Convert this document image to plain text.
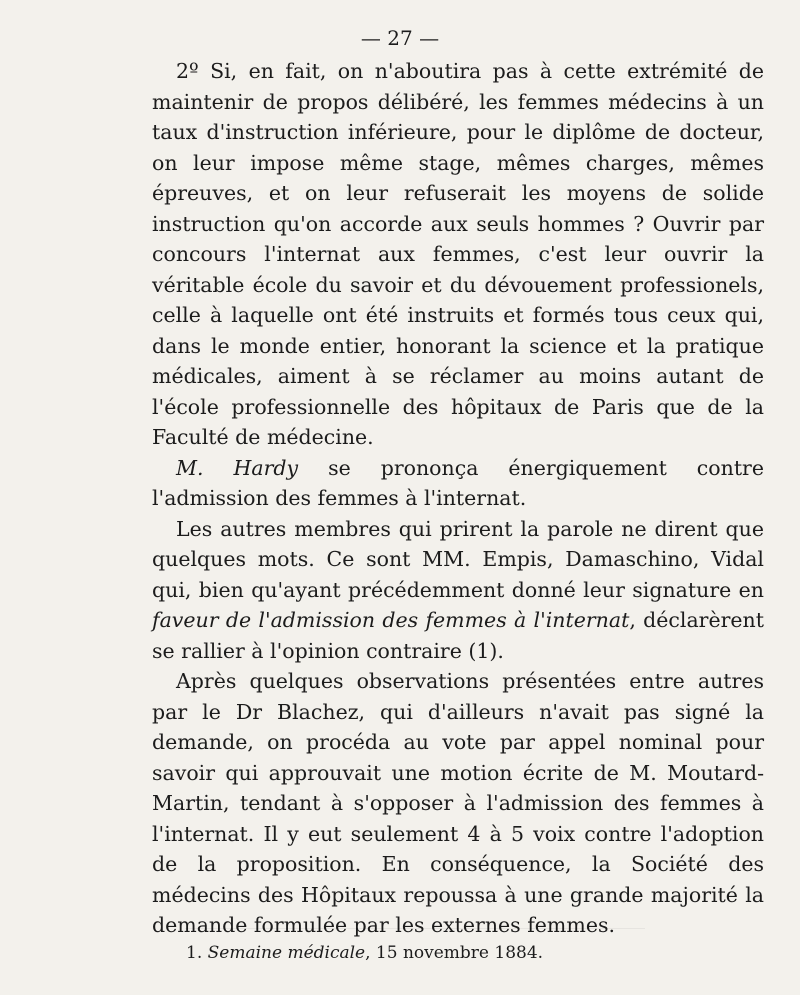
— 27 —

2º Si, en fait, on n'aboutira pas à cette extrémité de maintenir de propos délibéré, les femmes médecins à un taux d'instruction inférieure, pour le diplôme de docteur, on leur impose même stage, mêmes charges, mêmes épreuves, et on leur refuserait les moyens de solide instruction qu'on accorde aux seuls hommes ? Ouvrir par concours l'internat aux femmes, c'est leur ouvrir la véritable école du savoir et du dévouement professionels, celle à laquelle ont été instruits et formés tous ceux qui, dans le monde entier, honorant la science et la pratique médicales, aiment à se réclamer au moins autant de l'école professionnelle des hôpitaux de Paris que de la Faculté de médecine.

M. Hardy se prononça énergiquement contre l'admission des femmes à l'internat.

Les autres membres qui prirent la parole ne dirent que quelques mots. Ce sont MM. Empis, Damaschino, Vidal qui, bien qu'ayant précédemment donné leur signature en faveur de l'admission des femmes à l'internat, déclarèrent se rallier à l'opinion contraire (1).

Après quelques observations présentées entre autres par le Dr Blachez, qui d'ailleurs n'avait pas signé la demande, on procéda au vote par appel nominal pour savoir qui approuvait une motion écrite de M. Moutard-Martin, tendant à s'opposer à l'admission des femmes à l'internat. Il y eut seulement 4 à 5 voix contre l'adoption de la proposition. En conséquence, la Société des médecins des Hôpitaux repoussa à une grande majorité la demande formulée par les externes femmes.

1. Semaine médicale, 15 novembre 1884.
